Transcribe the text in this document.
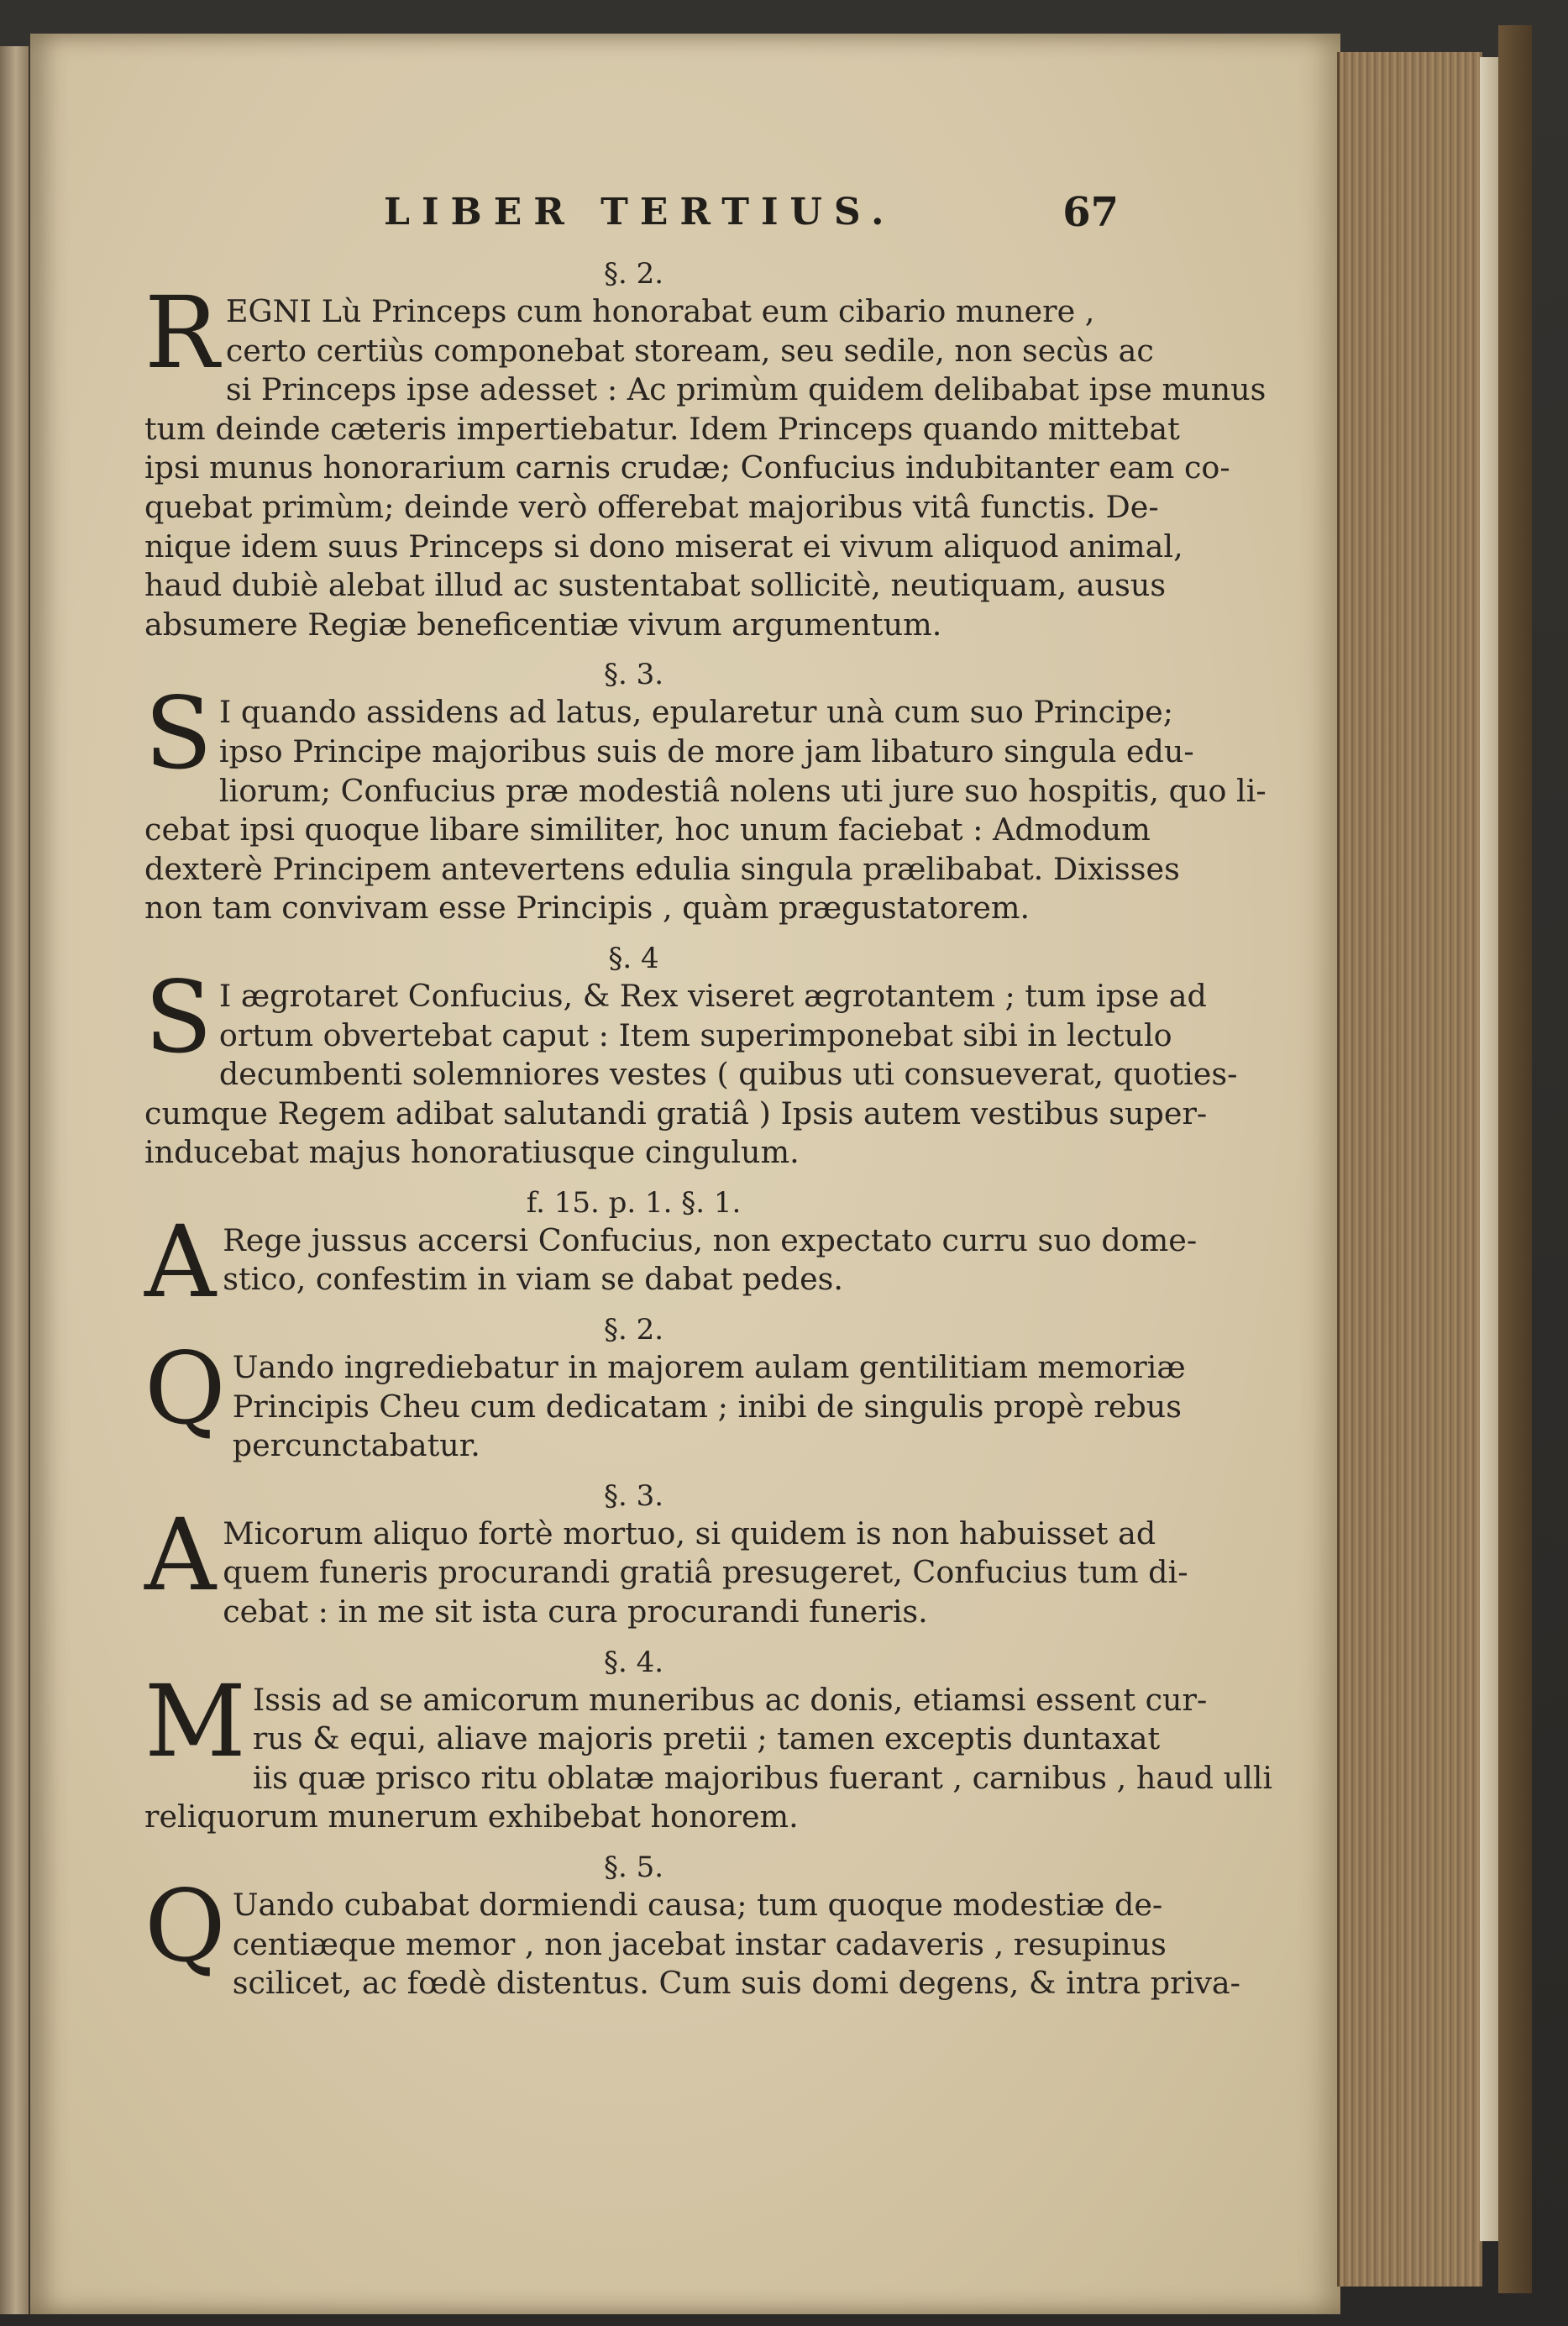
LIBER TERTIUS.	67
§. 2.
R EGNI Lù Princeps cum honorabat eum cibario munere ,
certo certiùs componebat stoream, seu sedile, non secùs ac
si Princeps ipse adesset : Ac primùm quidem delibabat ipse munus
tum deinde cæteris impertiebatur. Idem Princeps quando mittebat
ipsi munus honorarium carnis crudæ; Confucius indubitanter eam co-
quebat primùm; deinde verò offerebat majoribus vitâ functis. De-
nique idem suus Princeps si dono miserat ei vivum aliquod animal,
haud dubiè alebat illud ac sustentabat sollicitè, neutiquam, ausus
absumere Regiæ beneficentiæ vivum argumentum.
§. 3.
S I quando assidens ad latus, epularetur unà cum suo Principe;
ipso Principe majoribus suis de more jam libaturo singula edu-
liorum; Confucius præ modestiâ nolens uti jure suo hospitis, quo li-
cebat ipsi quoque libare similiter, hoc unum faciebat : Admodum
dexterè Principem antevertens edulia singula prælibabat. Dixisses
non tam convivam esse Principis , quàm prægustatorem.
§. 4
S I ægrotaret Confucius, & Rex viseret ægrotantem ; tum ipse ad
ortum obvertebat caput : Item superimponebat sibi in lectulo
decumbenti solemniores vestes ( quibus uti consueverat, quoties-
cumque Regem adibat salutandi gratiâ ) Ipsis autem vestibus super-
inducebat majus honoratiusque cingulum.
f. 15. p. 1. §. 1.
A Rege jussus accersi Confucius, non expectato curru suo dome-
stico, confestim in viam se dabat pedes.
§. 2.
Q Uando ingrediebatur in majorem aulam gentilitiam memoriæ
Principis Cheu cum dedicatam ; inibi de singulis propè rebus
percunctabatur.
§. 3.
A Micorum aliquo fortè mortuo, si quidem is non habuisset ad
quem funeris procurandi gratiâ presugeret, Confucius tum di-
cebat : in me sit ista cura procurandi funeris.
§. 4.
M Issis ad se amicorum muneribus ac donis, etiamsi essent cur-
rus & equi, aliave majoris pretii ; tamen exceptis duntaxat
iis quæ prisco ritu oblatæ majoribus fuerant , carnibus , haud ulli
reliquorum munerum exhibebat honorem.
§. 5.
Q Uando cubabat dormiendi causa; tum quoque modestiæ de-
centiæque memor , non jacebat instar cadaveris , resupinus
scilicet, ac fœdè distentus. Cum suis domi degens, & intra priva-
